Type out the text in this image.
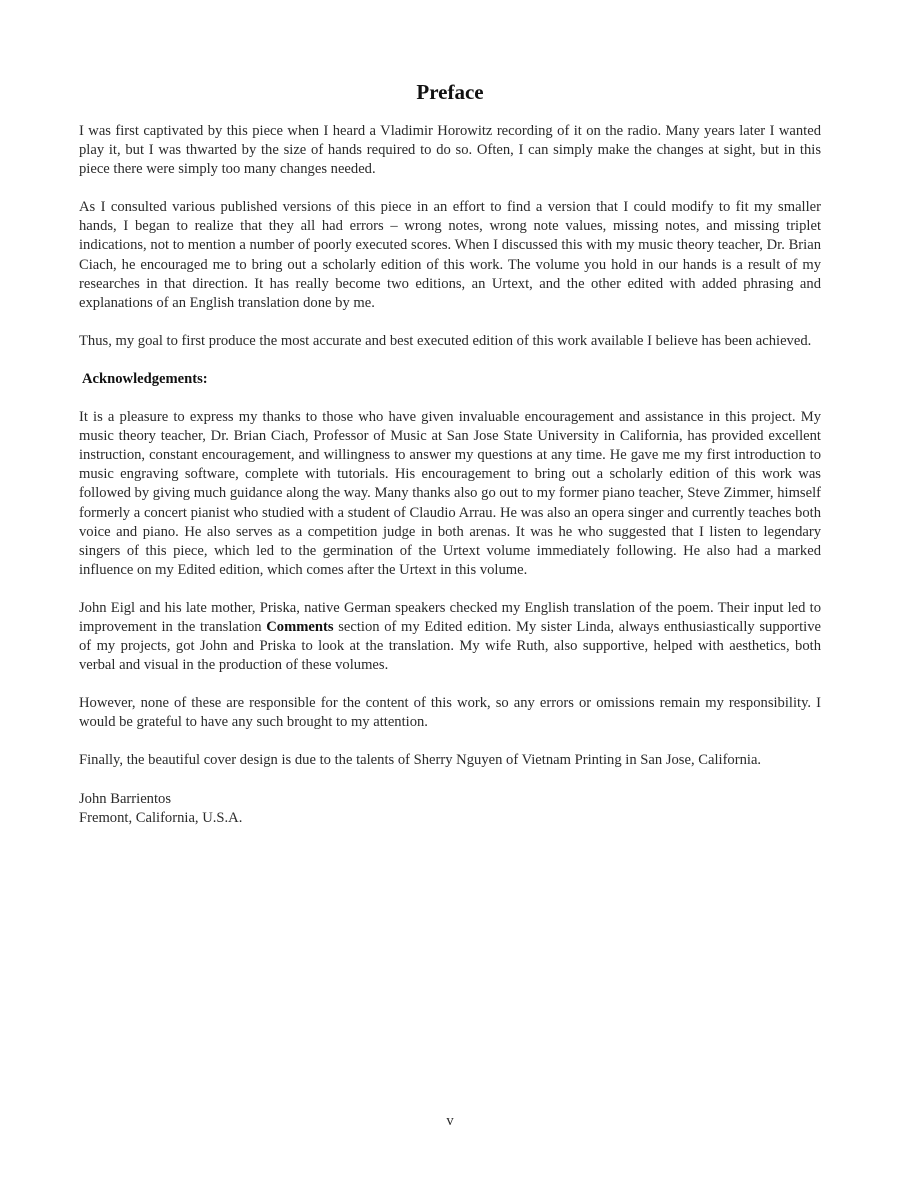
Preface

I was first captivated by this piece when I heard a Vladimir Horowitz recording of it on the radio. Many years later I wanted play it, but I was thwarted by the size of hands required to do so. Often, I can simply make the changes at sight, but in this piece there were simply too many changes needed.

As I consulted various published versions of this piece in an effort to find a version that I could modify to fit my smaller hands, I began to realize that they all had errors – wrong notes, wrong note values, missing notes, and missing triplet indications, not to mention a number of poorly executed scores. When I discussed this with my music theory teacher, Dr. Brian Ciach, he encouraged me to bring out a scholarly edition of this work. The volume you hold in our hands is a result of my researches in that direction. It has really become two editions, an Urtext, and the other edited with added phrasing and explanations of an English translation done by me.

Thus, my goal to first produce the most accurate and best executed edition of this work available I believe has been achieved.

Acknowledgements:

It is a pleasure to express my thanks to those who have given invaluable encouragement and assistance in this project. My music theory teacher, Dr. Brian Ciach, Professor of Music at San Jose State University in California, has provided excellent instruction, constant encouragement, and willingness to answer my questions at any time. He gave me my first introduction to music engraving software, complete with tutorials. His encouragement to bring out a scholarly edition of this work was followed by giving much guidance along the way. Many thanks also go out to my former piano teacher, Steve Zimmer, himself formerly a concert pianist who studied with a student of Claudio Arrau. He was also an opera singer and currently teaches both voice and piano. He also serves as a competition judge in both arenas. It was he who suggested that I listen to legendary singers of this piece, which led to the germination of the Urtext volume immediately following. He also had a marked influence on my Edited edition, which comes after the Urtext in this volume.

John Eigl and his late mother, Priska, native German speakers checked my English translation of the poem. Their input led to improvement in the translation Comments section of my Edited edition. My sister Linda, always enthusiastically supportive of my projects, got John and Priska to look at the translation. My wife Ruth, also supportive, helped with aesthetics, both verbal and visual in the production of these volumes.

However, none of these are responsible for the content of this work, so any errors or omissions remain my responsibility. I would be grateful to have any such brought to my attention.

Finally, the beautiful cover design is due to the talents of Sherry Nguyen of Vietnam Printing in San Jose, California.

John Barrientos
Fremont, California, U.S.A.
v
